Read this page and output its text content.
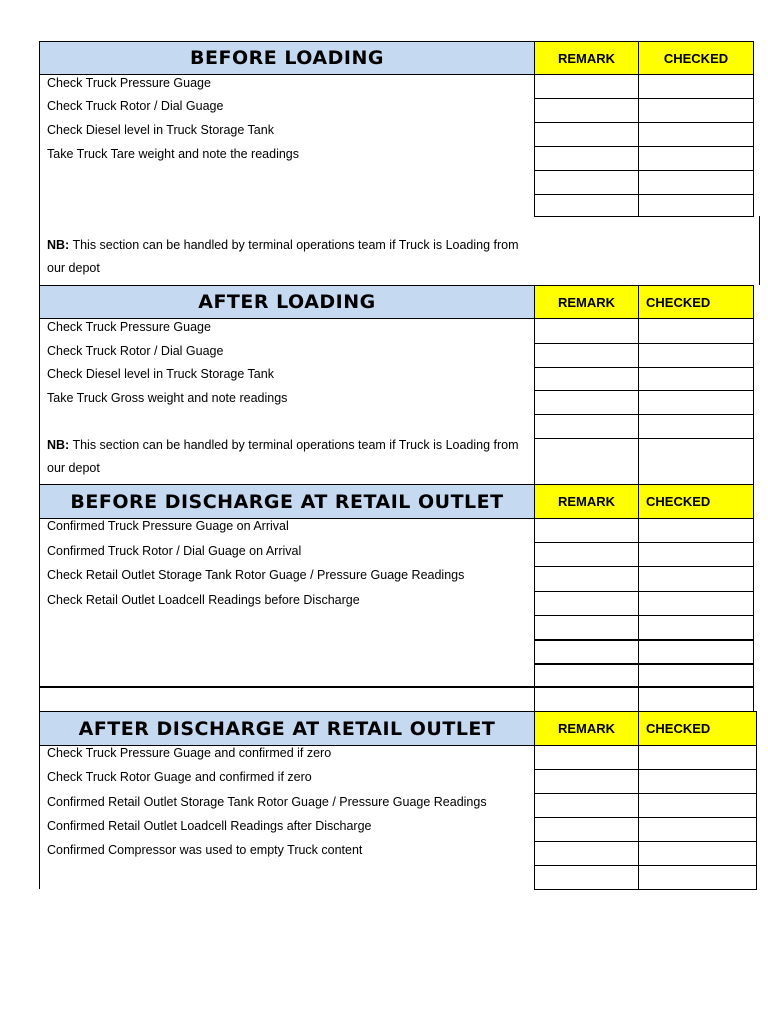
BEFORE LOADING	REMARK	CHECKED
Check Truck Pressure Guage
Check Truck Rotor / Dial Guage
Check Diesel level in Truck Storage Tank
Take Truck Tare weight and note the readings
NB: This section can be handled by terminal operations team if Truck is Loading from
our depot
AFTER LOADING	REMARK	CHECKED
Check Truck Pressure Guage
Check Truck Rotor / Dial Guage
Check Diesel level in Truck Storage Tank
Take Truck Gross weight and note readings
NB: This section can be handled by terminal operations team if Truck is Loading from
our depot
BEFORE DISCHARGE AT RETAIL OUTLET	REMARK	CHECKED
Confirmed Truck Pressure Guage on Arrival
Confirmed Truck Rotor / Dial Guage on Arrival
Check Retail Outlet Storage Tank Rotor Guage / Pressure Guage Readings
Check Retail Outlet Loadcell Readings before Discharge
AFTER DISCHARGE AT RETAIL OUTLET	REMARK	CHECKED
Check Truck Pressure Guage and confirmed if zero
Check Truck Rotor Guage and confirmed if zero
Confirmed Retail Outlet Storage Tank Rotor Guage / Pressure Guage Readings
Confirmed Retail Outlet Loadcell Readings after Discharge
Confirmed Compressor was used to empty Truck content
